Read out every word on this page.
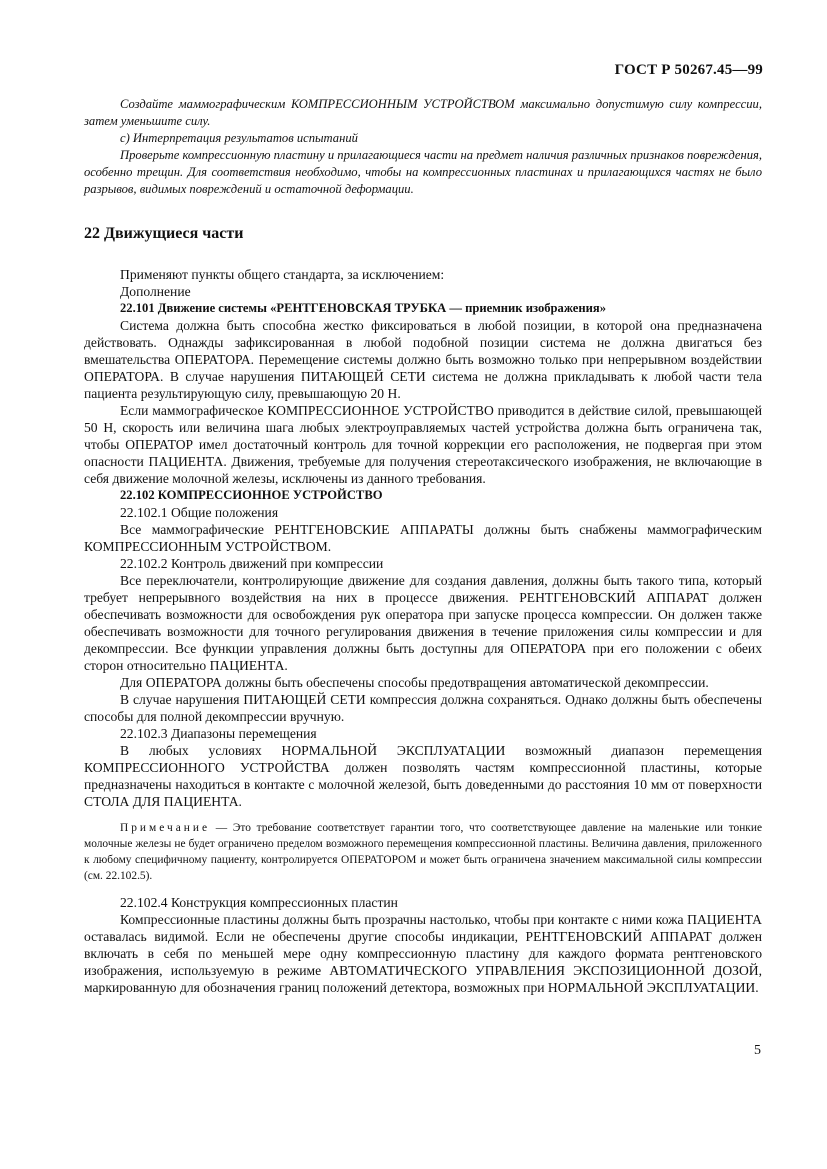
ГОСТ Р 50267.45—99

Создайте маммографическим КОМПРЕССИОННЫМ УСТРОЙСТВОМ максимально допустимую силу компрессии, затем уменьшите силу.

с) Интерпретация результатов испытаний

Проверьте компрессионную пластину и прилагающиеся части на предмет наличия различных признаков повреждения, особенно трещин. Для соответствия необходимо, чтобы на компрессионных пластинах и прилагающихся частях не было разрывов, видимых повреждений и остаточной деформации.

22 Движущиеся части

Применяют пункты общего стандарта, за исключением:

Дополнение

22.101 Движение системы «РЕНТГЕНОВСКАЯ ТРУБКА — приемник изображения»

Система должна быть способна жестко фиксироваться в любой позиции, в которой она предназначена действовать. Однажды зафиксированная в любой подобной позиции система не должна двигаться без вмешательства ОПЕРАТОРА. Перемещение системы должно быть возможно только при непрерывном воздействии ОПЕРАТОРА. В случае нарушения ПИТАЮЩЕЙ СЕТИ система не должна прикладывать к любой части тела пациента результирующую силу, превышающую 20 Н.

Если маммографическое КОМПРЕССИОННОЕ УСТРОЙСТВО приводится в действие силой, превышающей 50 Н, скорость или величина шага любых электроуправляемых частей устройства должна быть ограничена так, чтобы ОПЕРАТОР имел достаточный контроль для точной коррекции его расположения, не подвергая при этом опасности ПАЦИЕНТА. Движения, требуемые для получения стереотаксического изображения, не включающие в себя движение молочной железы, исключены из данного требования.

22.102 КОМПРЕССИОННОЕ УСТРОЙСТВО

22.102.1 Общие положения

Все маммографические РЕНТГЕНОВСКИЕ АППАРАТЫ должны быть снабжены маммографическим КОМПРЕССИОННЫМ УСТРОЙСТВОМ.

22.102.2 Контроль движений при компрессии

Все переключатели, контролирующие движение для создания давления, должны быть такого типа, который требует непрерывного воздействия на них в процессе движения. РЕНТГЕНОВСКИЙ АППАРАТ должен обеспечивать возможности для освобождения рук оператора при запуске процесса компрессии. Он должен также обеспечивать возможности для точного регулирования движения в течение приложения силы компрессии и для декомпрессии. Все функции управления должны быть доступны для ОПЕРАТОРА при его положении с обеих сторон относительно ПАЦИЕНТА.

Для ОПЕРАТОРА должны быть обеспечены способы предотвращения автоматической декомпрессии.

В случае нарушения ПИТАЮЩЕЙ СЕТИ компрессия должна сохраняться. Однако должны быть обеспечены способы для полной декомпрессии вручную.

22.102.3 Диапазоны перемещения

В любых условиях НОРМАЛЬНОЙ ЭКСПЛУАТАЦИИ возможный диапазон перемещения КОМПРЕССИОННОГО УСТРОЙСТВА должен позволять частям компрессионной пластины, которые предназначены находиться в контакте с молочной железой, быть доведенными до расстояния 10 мм от поверхности СТОЛА ДЛЯ ПАЦИЕНТА.

Примечание — Это требование соответствует гарантии того, что соответствующее давление на маленькие или тонкие молочные железы не будет ограничено пределом возможного перемещения компрессионной пластины. Величина давления, приложенного к любому специфичному пациенту, контролируется ОПЕРАТОРОМ и может быть ограничена значением максимальной силы компрессии (см. 22.102.5).

22.102.4 Конструкция компрессионных пластин

Компрессионные пластины должны быть прозрачны настолько, чтобы при контакте с ними кожа ПАЦИЕНТА оставалась видимой. Если не обеспечены другие способы индикации, РЕНТГЕНОВСКИЙ АППАРАТ должен включать в себя по меньшей мере одну компрессионную пластину для каждого формата рентгеновского изображения, используемую в режиме АВТОМАТИЧЕСКОГО УПРАВЛЕНИЯ ЭКСПОЗИЦИОННОЙ ДОЗОЙ, маркированную для обозначения границ положений детектора, возможных при НОРМАЛЬНОЙ ЭКСПЛУАТАЦИИ.

5
